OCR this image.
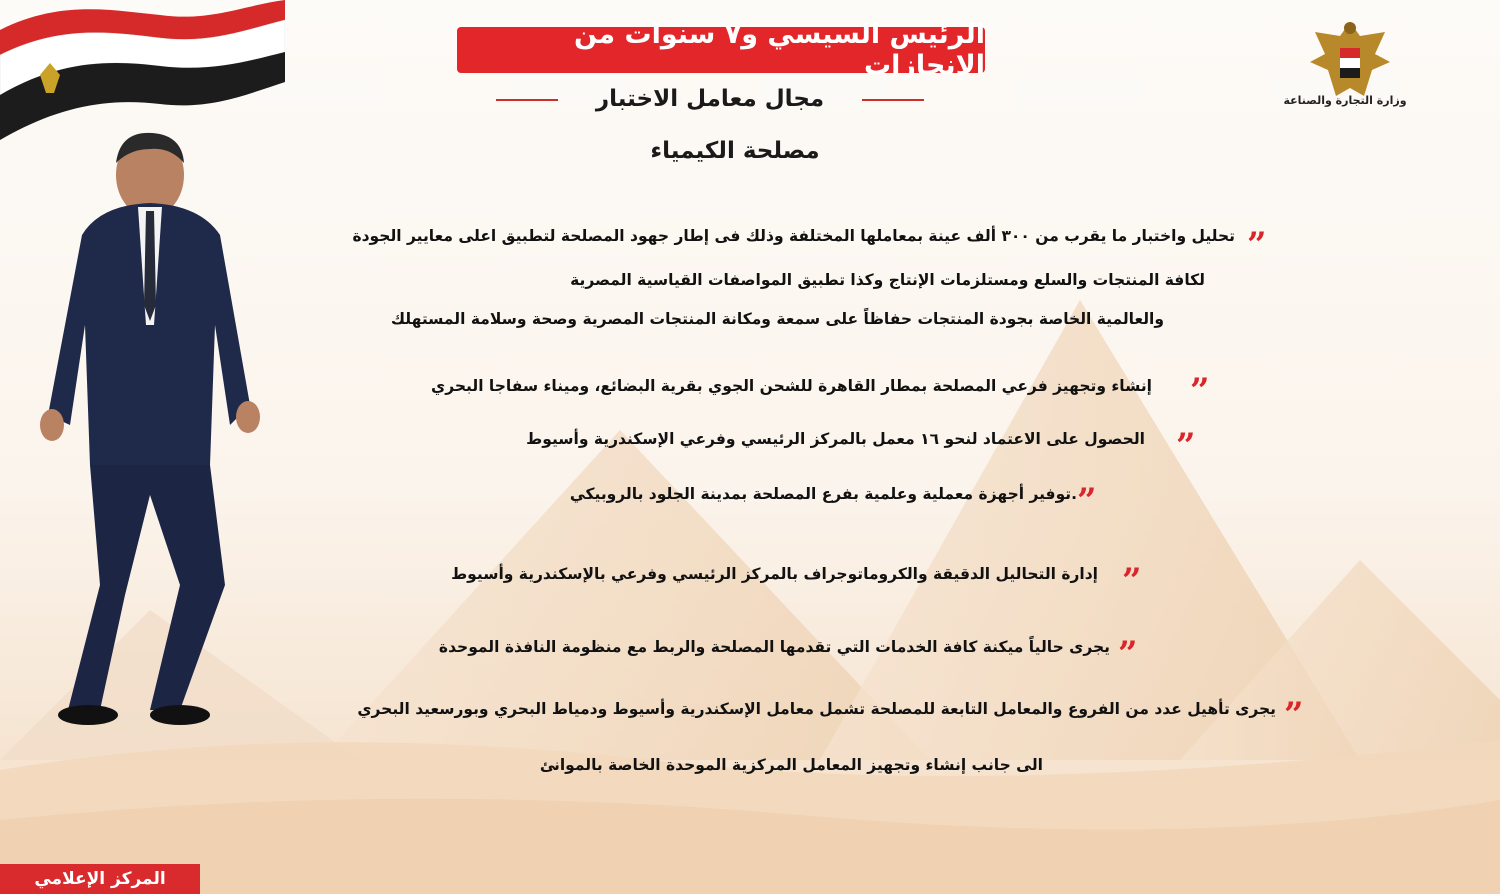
وزارة التجارة والصناعة
الرئيس السيسي و٧ سنوات من الإنجازات
مجال معامل الاختبار
مصلحة الكيمياء
”
تحليل واختبار ما يقرب من ٣٠٠ ألف عينة بمعاملها المختلفة وذلك فى إطار جهود المصلحة لتطبيق اعلى معايير الجودة
لكافة المنتجات والسلع ومستلزمات الإنتاج وكذا تطبيق المواصفات القياسية المصرية
والعالمية الخاصة بجودة المنتجات حفاظاً على سمعة ومكانة المنتجات المصرية وصحة وسلامة المستهلك
”
إنشاء وتجهيز فرعي المصلحة بمطار القاهرة للشحن الجوي بقرية البضائع، وميناء سفاجا البحري
”
الحصول على الاعتماد لنحو ١٦ معمل بالمركز الرئيسي وفرعي الإسكندرية وأسيوط
”
.توفير أجهزة معملية وعلمية بفرع المصلحة بمدينة الجلود بالروبيكي
”
إدارة التحاليل الدقيقة والكروماتوجراف بالمركز الرئيسي وفرعي بالإسكندرية وأسيوط
”
يجرى حالياً ميكنة كافة الخدمات التي تقدمها المصلحة والربط مع منظومة النافذة الموحدة
”
يجرى تأهيل عدد من الفروع والمعامل التابعة للمصلحة تشمل معامل الإسكندرية وأسيوط ودمياط البحري وبورسعيد البحري
الى جانب إنشاء وتجهيز المعامل المركزية الموحدة الخاصة بالموانئ
المركز الإعلامي
